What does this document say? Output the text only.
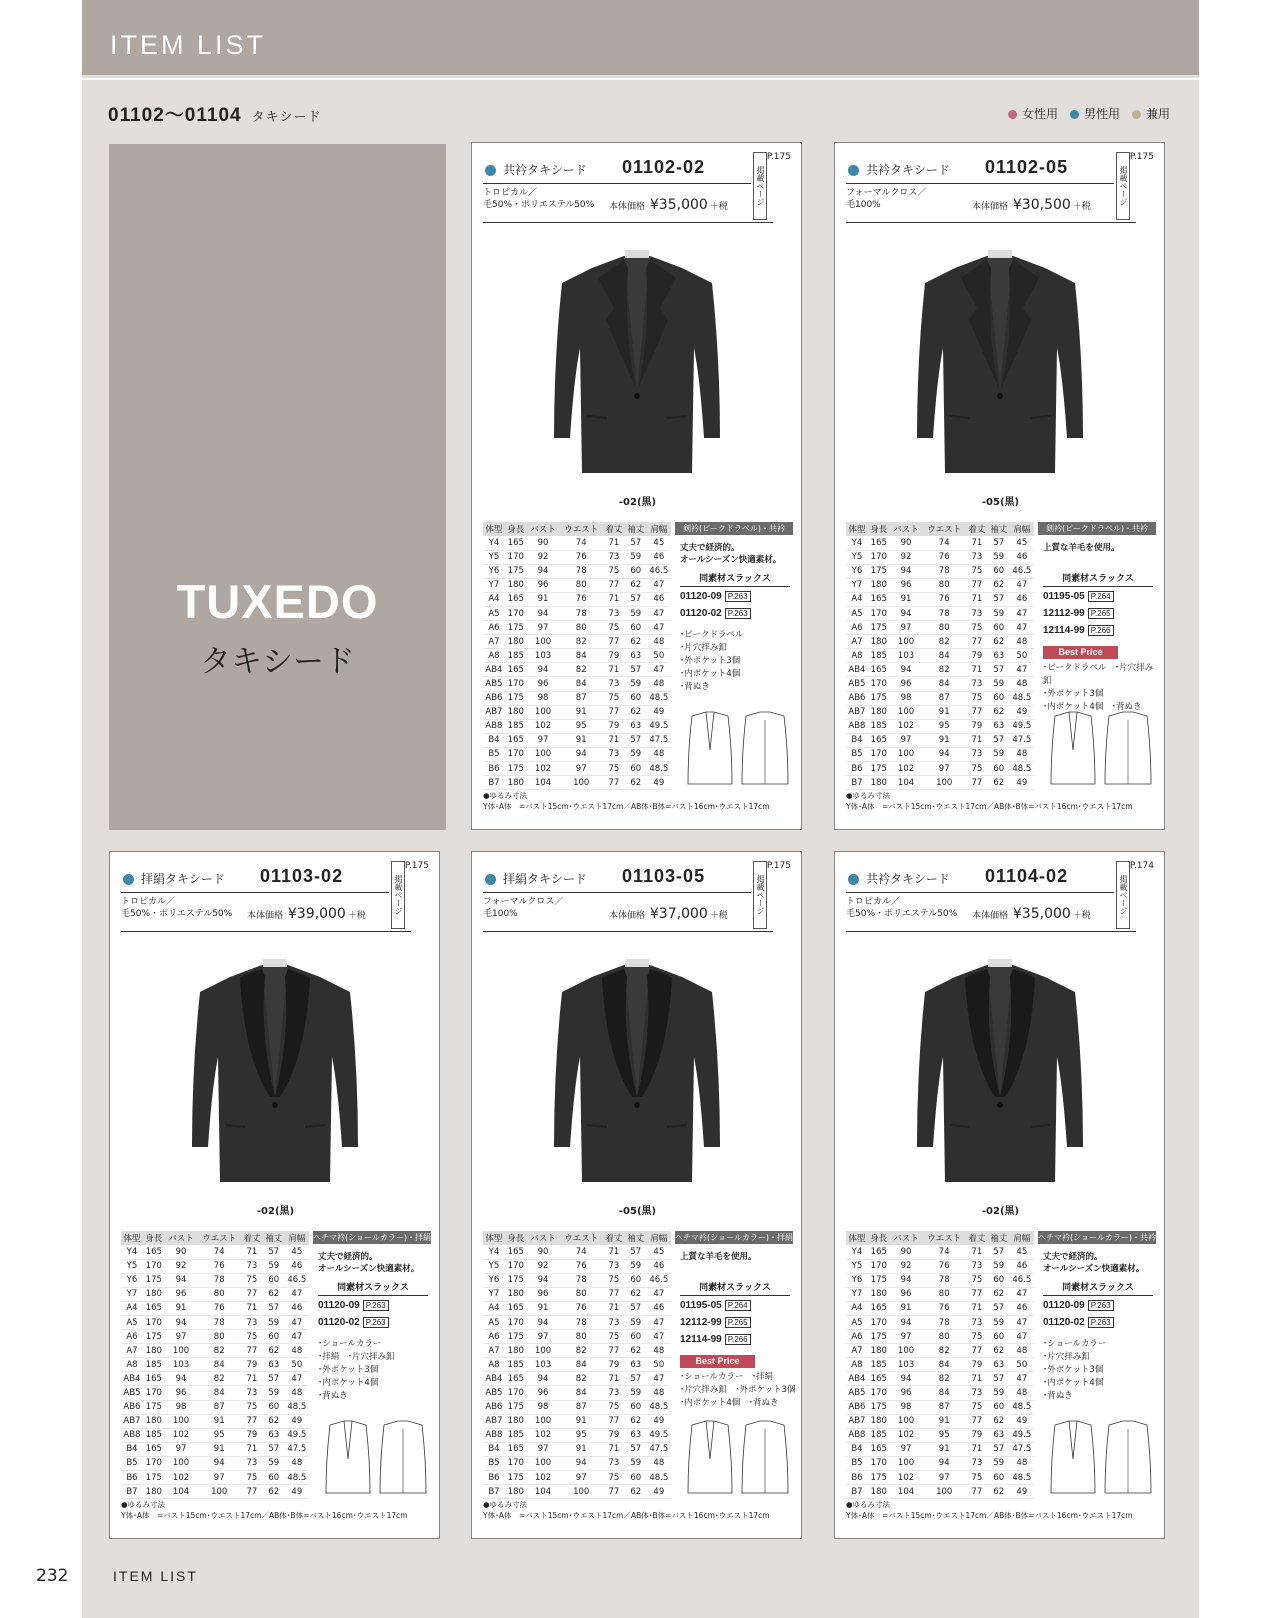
ITEM LIST
01102～01104 タキシード	女性用	男性用	兼用
TUXEDO
タキシード
共衿タキシード 01102-02	掲載ページ
P.175
トロピカル／
毛50%・ポリエステル50% 本体価格 ¥35,000 ＋税
-02(黒)
体型	身長	バスト	ウエスト	着丈	袖丈	肩幅
Y4	165	90	74	71	57	45
Y5	170	92	76	73	59	46
Y6	175	94	78	75	60	46.5
Y7	180	96	80	77	62	47
A4	165	91	76	71	57	46
A5	170	94	78	73	59	47
A6	175	97	80	75	60	47
A7	180	100	82	77	62	48
A8	185	103	84	79	63	50
AB4	165	94	82	71	57	47
AB5	170	96	84	73	59	48
AB6	175	98	87	75	60	48.5
AB7	180	100	91	77	62	49
AB8	185	102	95	79	63	49.5
B4	165	97	91	71	57	47.5
B5	170	100	94	73	59	48
B6	175	102	97	75	60	48.5
B7	180	104	100	77	62	49
剣衿(ピークドラペル)・共衿
丈夫で経済的。
オールシーズン快適素材。
同素材スラックス
01120-09 P.263
01120-02 P.263
･ピークドラペル
･片穴拝み釦
･外ポケット3個
･内ポケット4個
･背ぬき
●ゆるみ寸法
Y体･A体　=バスト15cm･ウエスト17cm／AB体･B体=バスト16cm･ウエスト17cm
共衿タキシード 01102-05	掲載ページ
P.175
フォーマルクロス／
毛100%	本体価格 ¥30,500 ＋税
-05(黒)
体型	身長	バスト	ウエスト	着丈	袖丈	肩幅
Y4	165	90	74	71	57	45
Y5	170	92	76	73	59	46
Y6	175	94	78	75	60	46.5
Y7	180	96	80	77	62	47
A4	165	91	76	71	57	46
A5	170	94	78	73	59	47
A6	175	97	80	75	60	47
A7	180	100	82	77	62	48
A8	185	103	84	79	63	50
AB4	165	94	82	71	57	47
AB5	170	96	84	73	59	48
AB6	175	98	87	75	60	48.5
AB7	180	100	91	77	62	49
AB8	185	102	95	79	63	49.5
B4	165	97	91	71	57	47.5
B5	170	100	94	73	59	48
B6	175	102	97	75	60	48.5
B7	180	104	100	77	62	49
剣衿(ピークドラペル)・共衿
上質な羊毛を使用。
同素材スラックス
01195-05 P.264
12112-99 P.265
12114-99 P.266
Best Price
･ピークドラペル　･片穴拝み釦
･外ポケット3個
･内ポケット4個　･背ぬき
●ゆるみ寸法
Y体･A体　=バスト15cm･ウエスト17cm／AB体･B体=バスト16cm･ウエスト17cm
拝絹タキシード 01103-02	掲載ページ
P.175
トロピカル／
毛50%・ポリエステル50% 本体価格 ¥39,000 ＋税
-02(黒)
体型	身長	バスト	ウエスト	着丈	袖丈	肩幅
Y4	165	90	74	71	57	45
Y5	170	92	76	73	59	46
Y6	175	94	78	75	60	46.5
Y7	180	96	80	77	62	47
A4	165	91	76	71	57	46
A5	170	94	78	73	59	47
A6	175	97	80	75	60	47
A7	180	100	82	77	62	48
A8	185	103	84	79	63	50
AB4	165	94	82	71	57	47
AB5	170	96	84	73	59	48
AB6	175	98	87	75	60	48.5
AB7	180	100	91	77	62	49
AB8	185	102	95	79	63	49.5
B4	165	97	91	71	57	47.5
B5	170	100	94	73	59	48
B6	175	102	97	75	60	48.5
B7	180	104	100	77	62	49
ヘチマ衿(ショールカラー)・拝絹
丈夫で経済的。
オールシーズン快適素材。
同素材スラックス
01120-09 P.263
01120-02 P.263
･ショールカラー
･拝絹　･片穴拝み釦
･外ポケット3個
･内ポケット4個
･背ぬき
●ゆるみ寸法
Y体･A体　=バスト15cm･ウエスト17cm／AB体･B体=バスト16cm･ウエスト17cm
拝絹タキシード 01103-05	掲載ページ
P.175
フォーマルクロス／
毛100%	本体価格 ¥37,000 ＋税
-05(黒)
体型	身長	バスト	ウエスト	着丈	袖丈	肩幅
Y4	165	90	74	71	57	45
Y5	170	92	76	73	59	46
Y6	175	94	78	75	60	46.5
Y7	180	96	80	77	62	47
A4	165	91	76	71	57	46
A5	170	94	78	73	59	47
A6	175	97	80	75	60	47
A7	180	100	82	77	62	48
A8	185	103	84	79	63	50
AB4	165	94	82	71	57	47
AB5	170	96	84	73	59	48
AB6	175	98	87	75	60	48.5
AB7	180	100	91	77	62	49
AB8	185	102	95	79	63	49.5
B4	165	97	91	71	57	47.5
B5	170	100	94	73	59	48
B6	175	102	97	75	60	48.5
B7	180	104	100	77	62	49
ヘチマ衿(ショールカラー)・拝絹
上質な羊毛を使用。
同素材スラックス
01195-05 P.264
12112-99 P.265
12114-99 P.266
Best Price
･ショールカラー　･拝絹
･片穴拝み釦　･外ポケット3個
･内ポケット4個　･背ぬき
●ゆるみ寸法
Y体･A体　=バスト15cm･ウエスト17cm／AB体･B体=バスト16cm･ウエスト17cm
共衿タキシード 01104-02	掲載ページ
P.174
トロピカル／
毛50%・ポリエステル50% 本体価格 ¥35,000 ＋税
-02(黒)
体型	身長	バスト	ウエスト	着丈	袖丈	肩幅
Y4	165	90	74	71	57	45
Y5	170	92	76	73	59	46
Y6	175	94	78	75	60	46.5
Y7	180	96	80	77	62	47
A4	165	91	76	71	57	46
A5	170	94	78	73	59	47
A6	175	97	80	75	60	47
A7	180	100	82	77	62	48
A8	185	103	84	79	63	50
AB4	165	94	82	71	57	47
AB5	170	96	84	73	59	48
AB6	175	98	87	75	60	48.5
AB7	180	100	91	77	62	49
AB8	185	102	95	79	63	49.5
B4	165	97	91	71	57	47.5
B5	170	100	94	73	59	48
B6	175	102	97	75	60	48.5
B7	180	104	100	77	62	49
ヘチマ衿(ショールカラー)・共衿
丈夫で経済的。
オールシーズン快適素材。
同素材スラックス
01120-09 P.263
01120-02 P.263
･ショールカラー
･片穴拝み釦
･外ポケット3個
･内ポケット4個
･背ぬき
●ゆるみ寸法
Y体･A体　=バスト15cm･ウエスト17cm／AB体･B体=バスト16cm･ウエスト17cm
232	ITEM LIST
